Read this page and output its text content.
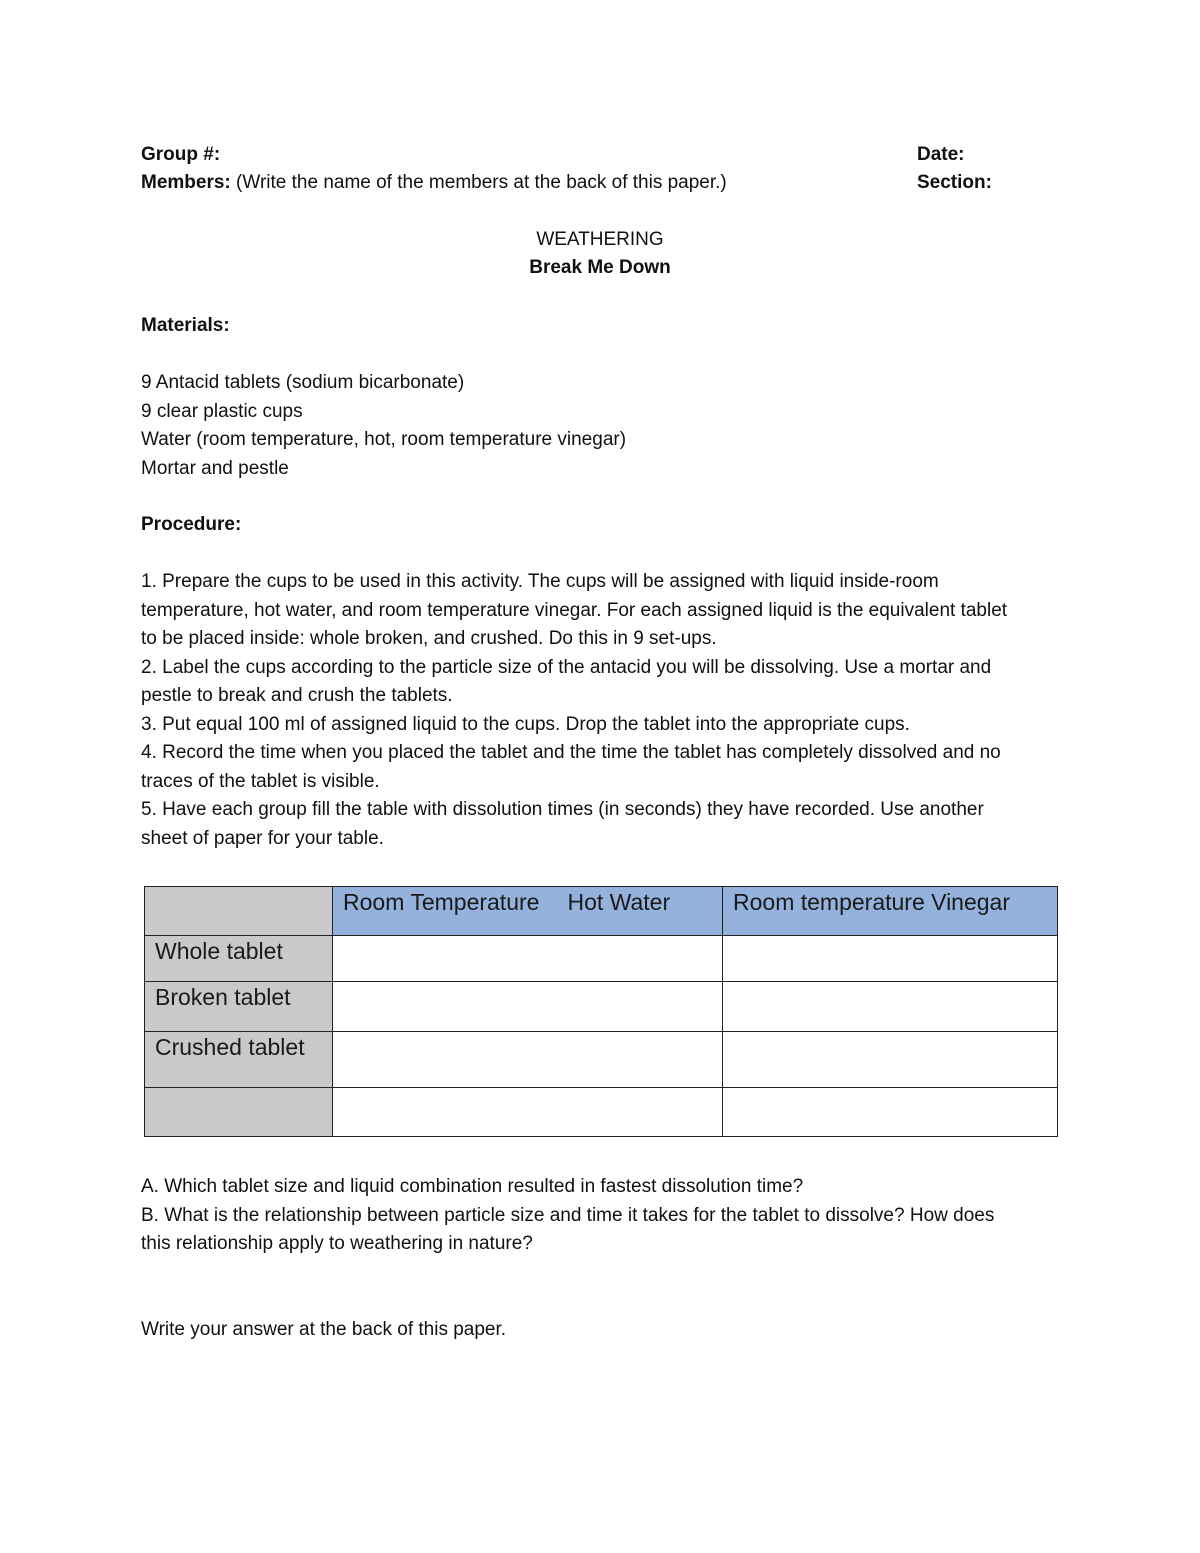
Group #:	Date:
Members: (Write the name of the members at the back of this paper.)	Section:
WEATHERING
Break Me Down
Materials:
9 Antacid tablets (sodium bicarbonate)
9 clear plastic cups
Water (room temperature, hot, room temperature vinegar)
Mortar and pestle
Procedure:
1. Prepare the cups to be used in this activity. The cups will be assigned with liquid inside-room
temperature, hot water, and room temperature vinegar. For each assigned liquid is the equivalent tablet
to be placed inside: whole broken, and crushed. Do this in 9 set-ups.
2. Label the cups according to the particle size of the antacid you will be dissolving. Use a mortar and
pestle to break and crush the tablets.
3. Put equal 100 ml of assigned liquid to the cups. Drop the tablet into the appropriate cups.
4. Record the time when you placed the tablet and the time the tablet has completely dissolved and no
traces of the tablet is visible.
5. Have each group fill the table with dissolution times (in seconds) they have recorded. Use another
sheet of paper for your table.
	Room Temperature Hot Water	Room temperature Vinegar
Whole tablet		
Broken tablet		
Crushed tablet		

A. Which tablet size and liquid combination resulted in fastest dissolution time?
B. What is the relationship between particle size and time it takes for the tablet to dissolve? How does
this relationship apply to weathering in nature?
Write your answer at the back of this paper.
